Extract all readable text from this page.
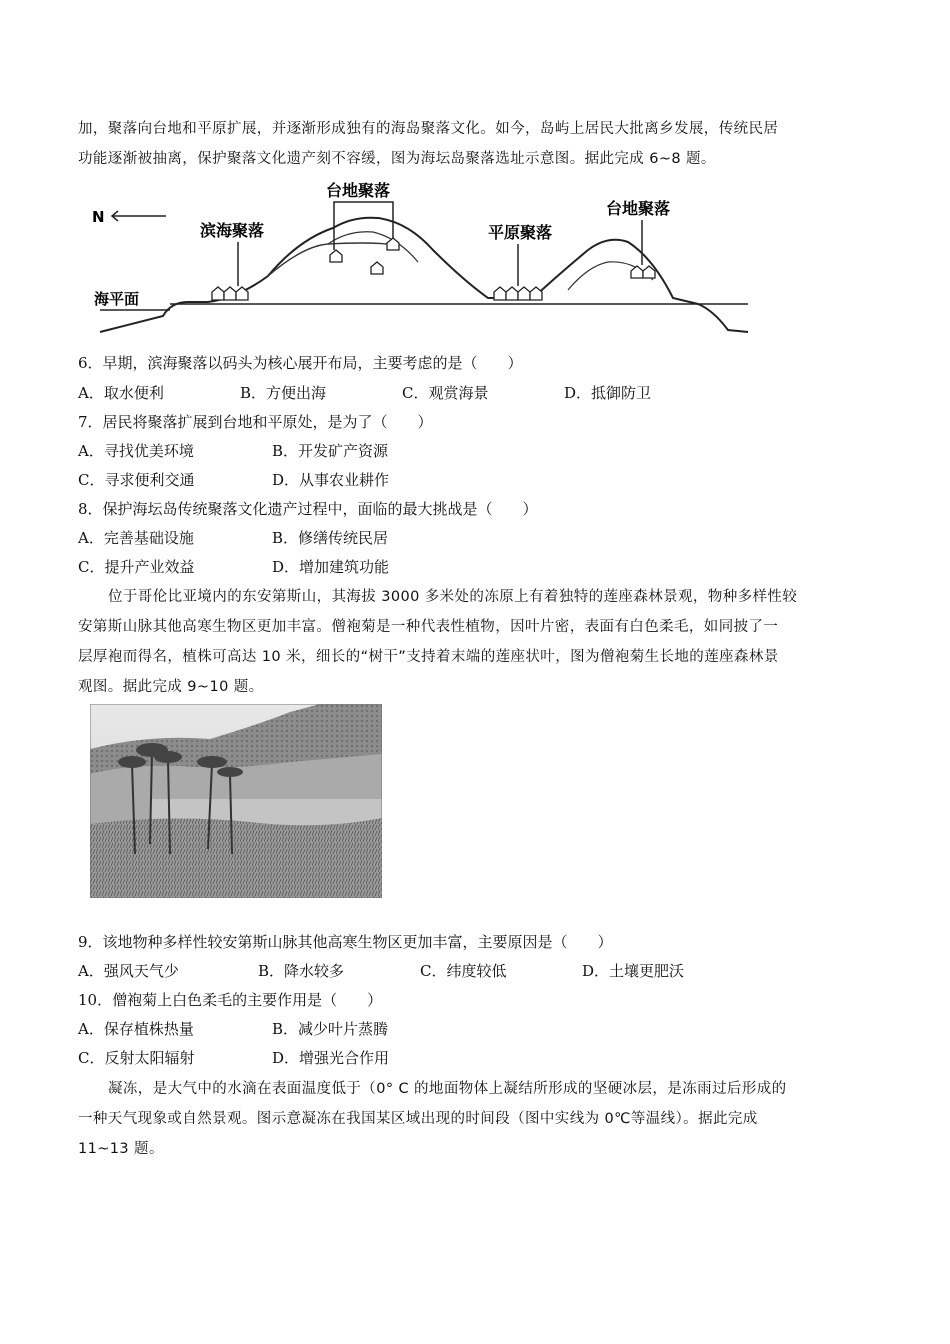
加，聚落向台地和平原扩展，并逐渐形成独有的海岛聚落文化。如今，岛屿上居民大批离乡发展，传统民居
功能逐渐被抽离，保护聚落文化遗产刻不容缓，图为海坛岛聚落选址示意图。据此完成 6~8 题。
N
海平面
滨海聚落
台地聚落
平原聚落
台地聚落
6．早期，滨海聚落以码头为核心展开布局，主要考虑的是（　　）
A．取水便利	B．方便出海	C．观赏海景	D．抵御防卫
7．居民将聚落扩展到台地和平原处，是为了（　　）
A．寻找优美环境	B．开发矿产资源
C．寻求便利交通	D．从事农业耕作
8．保护海坛岛传统聚落文化遗产过程中，面临的最大挑战是（　　）
A．完善基础设施	B．修缮传统民居
C．提升产业效益	D．增加建筑功能
位于哥伦比亚境内的东安第斯山，其海拔 3000 多米处的冻原上有着独特的莲座森林景观，物种多样性较
安第斯山脉其他高寒生物区更加丰富。僧袍菊是一种代表性植物，因叶片密，表面有白色柔毛，如同披了一
层厚袍而得名，植株可高达 10 米，细长的“树干”支持着末端的莲座状叶，图为僧袍菊生长地的莲座森林景
观图。据此完成 9~10 题。
9．该地物种多样性较安第斯山脉其他高寒生物区更加丰富，主要原因是（　　）
A．强风天气少	B．降水较多	C．纬度较低	D．土壤更肥沃
10．僧袍菊上白色柔毛的主要作用是（　　）
A．保存植株热量	B．减少叶片蒸腾
C．反射太阳辐射	D．增强光合作用
凝冻，是大气中的水滴在表面温度低于（0° C 的地面物体上凝结所形成的坚硬冰层，是冻雨过后形成的
一种天气现象或自然景观。图示意凝冻在我国某区域出现的时间段（图中实线为 0℃等温线）。据此完成
11~13 题。
